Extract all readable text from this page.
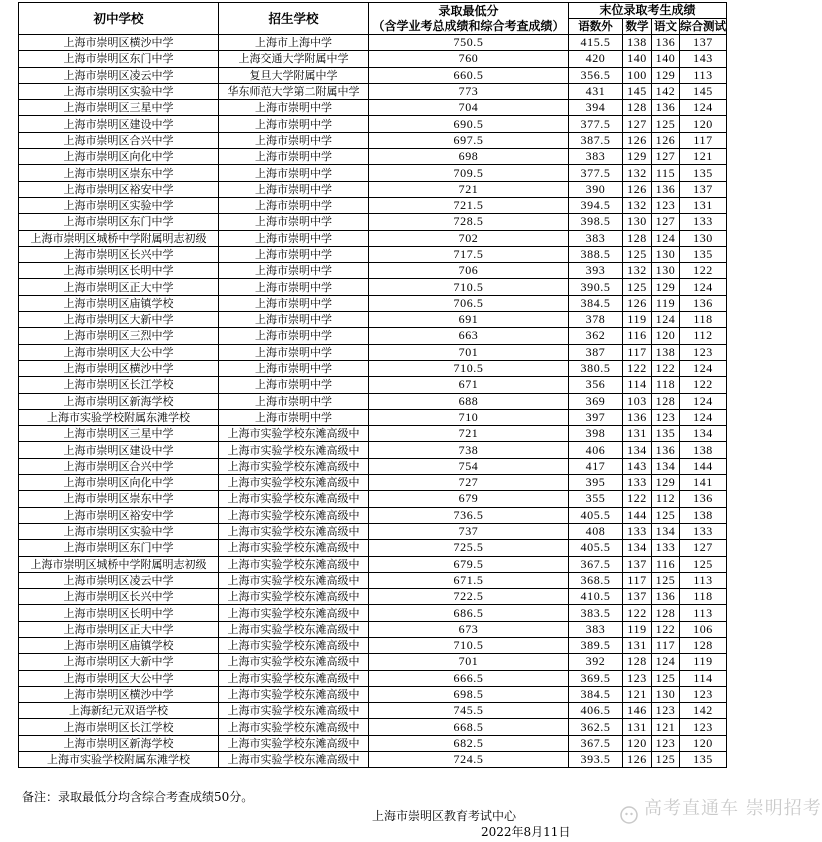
初中学校	招生学校	录取最低分
（含学业考总成绩和综合考查成绩）	末位录取考生成绩			
			语数外	数学	语文	综合测试
上海市崇明区横沙中学	上海市上海中学	750.5	415.5	138	136	137
上海市崇明区东门中学	上海交通大学附属中学	760	420	140	140	143
上海市崇明区凌云中学	复旦大学附属中学	660.5	356.5	100	129	113
上海市崇明区实验中学	华东师范大学第二附属中学	773	431	145	142	145
上海市崇明区三星中学	上海市崇明中学	704	394	128	136	124
上海市崇明区建设中学	上海市崇明中学	690.5	377.5	127	125	120
上海市崇明区合兴中学	上海市崇明中学	697.5	387.5	126	126	117
上海市崇明区向化中学	上海市崇明中学	698	383	129	127	121
上海市崇明区崇东中学	上海市崇明中学	709.5	377.5	132	115	135
上海市崇明区裕安中学	上海市崇明中学	721	390	126	136	137
上海市崇明区实验中学	上海市崇明中学	721.5	394.5	132	123	131
上海市崇明区东门中学	上海市崇明中学	728.5	398.5	130	127	133
上海市崇明区城桥中学附属明志初级	上海市崇明中学	702	383	128	124	130
上海市崇明区长兴中学	上海市崇明中学	717.5	388.5	125	130	135
上海市崇明区长明中学	上海市崇明中学	706	393	132	130	122
上海市崇明区正大中学	上海市崇明中学	710.5	390.5	125	129	124
上海市崇明区庙镇学校	上海市崇明中学	706.5	384.5	126	119	136
上海市崇明区大新中学	上海市崇明中学	691	378	119	124	118
上海市崇明区三烈中学	上海市崇明中学	663	362	116	120	112
上海市崇明区大公中学	上海市崇明中学	701	387	117	138	123
上海市崇明区横沙中学	上海市崇明中学	710.5	380.5	122	122	124
上海市崇明区长江学校	上海市崇明中学	671	356	114	118	122
上海市崇明区新海学校	上海市崇明中学	688	369	103	128	124
上海市实验学校附属东滩学校	上海市崇明中学	710	397	136	123	124
上海市崇明区三星中学	上海市实验学校东滩高级中	721	398	131	135	134
上海市崇明区建设中学	上海市实验学校东滩高级中	738	406	134	136	138
上海市崇明区合兴中学	上海市实验学校东滩高级中	754	417	143	134	144
上海市崇明区向化中学	上海市实验学校东滩高级中	727	395	133	129	141
上海市崇明区崇东中学	上海市实验学校东滩高级中	679	355	122	112	136
上海市崇明区裕安中学	上海市实验学校东滩高级中	736.5	405.5	144	125	138
上海市崇明区实验中学	上海市实验学校东滩高级中	737	408	133	134	133
上海市崇明区东门中学	上海市实验学校东滩高级中	725.5	405.5	134	133	127
上海市崇明区城桥中学附属明志初级	上海市实验学校东滩高级中	679.5	367.5	137	116	125
上海市崇明区凌云中学	上海市实验学校东滩高级中	671.5	368.5	117	125	113
上海市崇明区长兴中学	上海市实验学校东滩高级中	722.5	410.5	137	136	118
上海市崇明区长明中学	上海市实验学校东滩高级中	686.5	383.5	122	128	113
上海市崇明区正大中学	上海市实验学校东滩高级中	673	383	119	122	106
上海市崇明区庙镇学校	上海市实验学校东滩高级中	710.5	389.5	131	117	128
上海市崇明区大新中学	上海市实验学校东滩高级中	701	392	128	124	119
上海市崇明区大公中学	上海市实验学校东滩高级中	666.5	369.5	123	125	114
上海市崇明区横沙中学	上海市实验学校东滩高级中	698.5	384.5	121	130	123
上海新纪元双语学校	上海市实验学校东滩高级中	745.5	406.5	146	123	142
上海市崇明区长江学校	上海市实验学校东滩高级中	668.5	362.5	131	121	123
上海市崇明区新海学校	上海市实验学校东滩高级中	682.5	367.5	120	123	120
上海市实验学校附属东滩学校	上海市实验学校东滩高级中	724.5	393.5	126	125	135
备注：录取最低分均含综合考查成绩50分。
上海市崇明区教育考试中心
2022年8月11日
高考直通车 崇明招考
